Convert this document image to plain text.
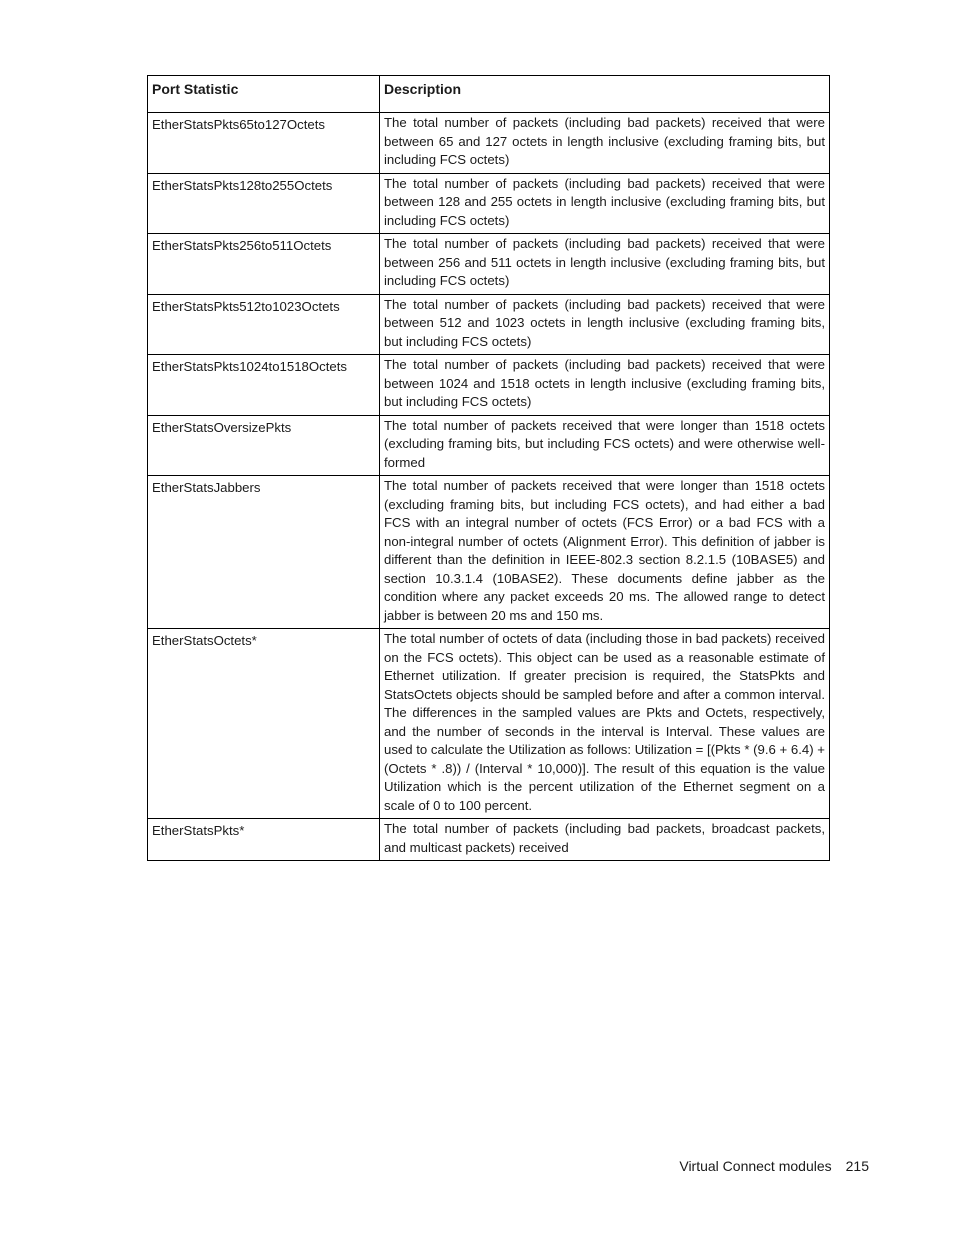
Port Statistic	Description
EtherStatsPkts65to127Octets	The total number of packets (including bad packets) received that were between 65 and 127 octets in length inclusive (excluding framing bits, but including FCS octets)
EtherStatsPkts128to255Octets	The total number of packets (including bad packets) received that were between 128 and 255 octets in length inclusive (excluding framing bits, but including FCS octets)
EtherStatsPkts256to511Octets	The total number of packets (including bad packets) received that were between 256 and 511 octets in length inclusive (excluding framing bits, but including FCS octets)
EtherStatsPkts512to1023Octets	The total number of packets (including bad packets) received that were between 512 and 1023 octets in length inclusive (excluding framing bits, but including FCS octets)
EtherStatsPkts1024to1518Octets	The total number of packets (including bad packets) received that were between 1024 and 1518 octets in length inclusive (excluding framing bits, but including FCS octets)
EtherStatsOversizePkts	The total number of packets received that were longer than 1518 octets (excluding framing bits, but including FCS octets) and were otherwise well-formed
EtherStatsJabbers	The total number of packets received that were longer than 1518 octets (excluding framing bits, but including FCS octets), and had either a bad FCS with an integral number of octets (FCS Error) or a bad FCS with a non-integral number of octets (Alignment Error). This definition of jabber is different than the definition in IEEE-802.3 section 8.2.1.5 (10BASE5) and section 10.3.1.4 (10BASE2). These documents define jabber as the condition where any packet exceeds 20 ms. The allowed range to detect jabber is between 20 ms and 150 ms.
EtherStatsOctets*	The total number of octets of data (including those in bad packets) received on the FCS octets). This object can be used as a reasonable estimate of Ethernet utilization. If greater precision is required, the StatsPkts and StatsOctets objects should be sampled before and after a common interval. The differences in the sampled values are Pkts and Octets, respectively, and the number of seconds in the interval is Interval. These values are used to calculate the Utilization as follows: Utilization = [(Pkts * (9.6 + 6.4) + (Octets * .8)) / (Interval * 10,000)]. The result of this equation is the value Utilization which is the percent utilization of the Ethernet segment on a scale of 0 to 100 percent.
EtherStatsPkts*	The total number of packets (including bad packets, broadcast packets, and multicast packets) received
Virtual Connect modules 215
